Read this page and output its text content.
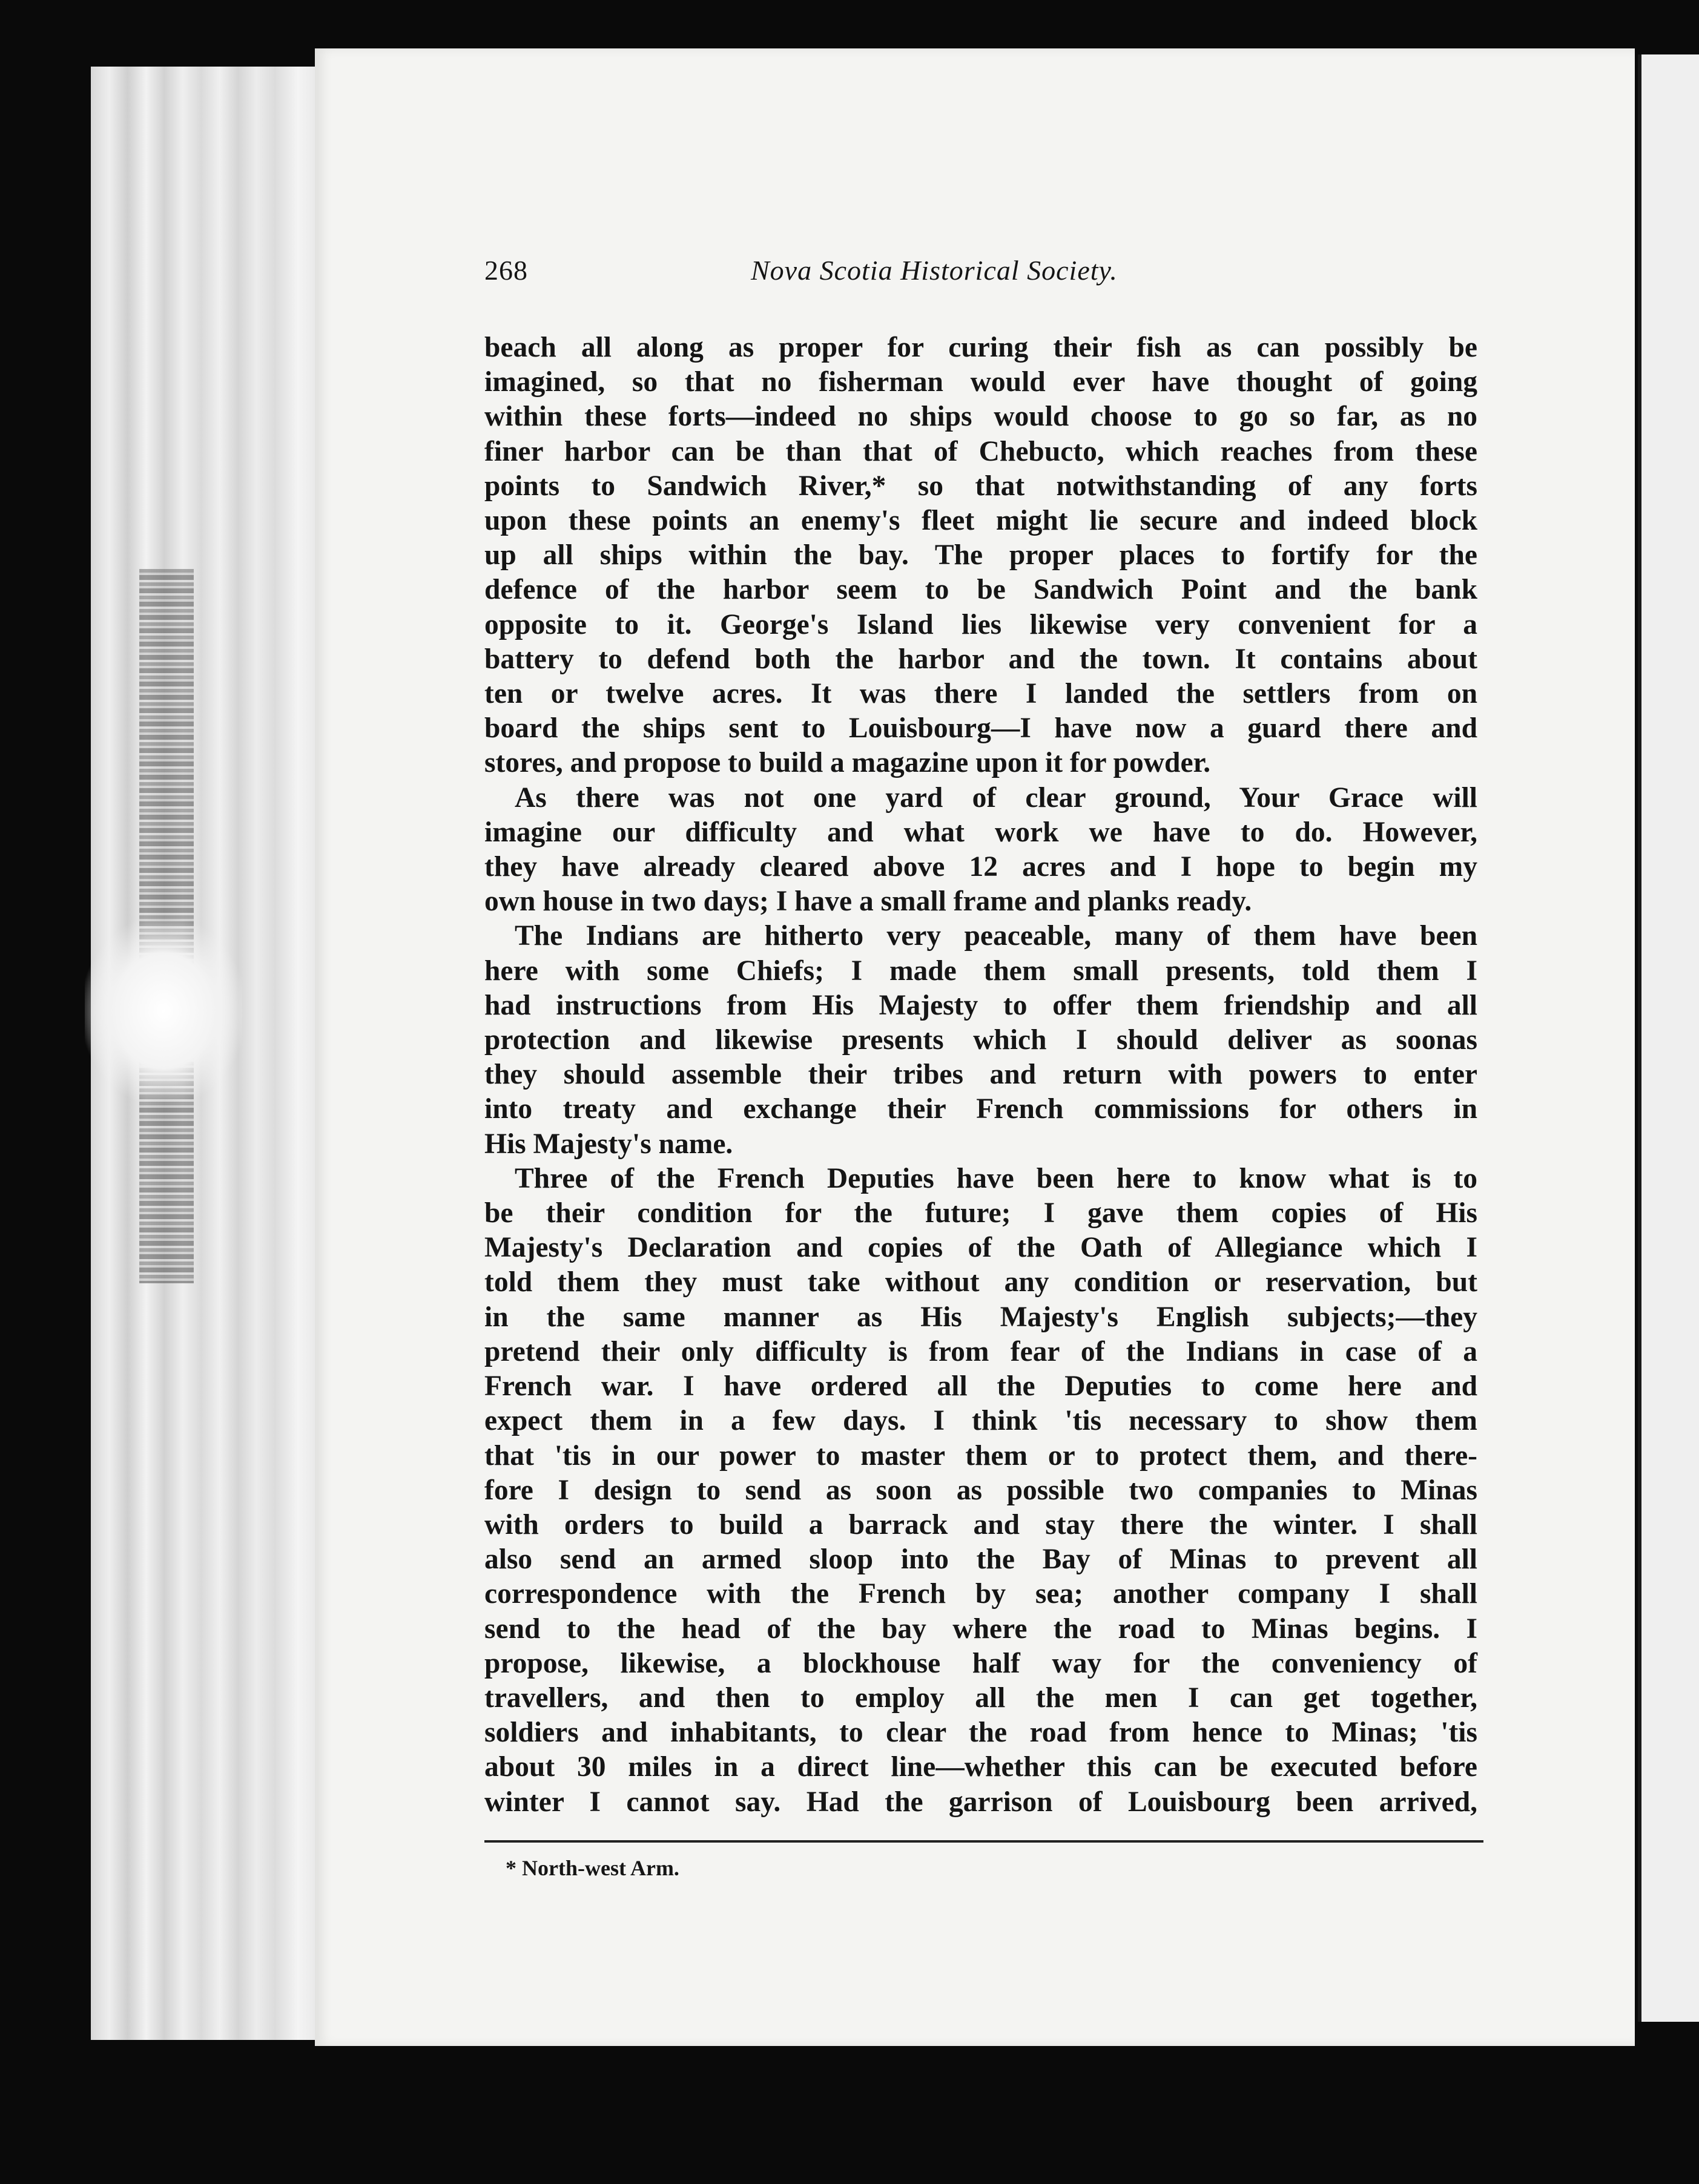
268	Nova Scotia Historical Society.
beach all along as proper for curing their fish as can possibly be
imagined, so that no fisherman would ever have thought of going
within these forts—indeed no ships would choose to go so far, as no
finer harbor can be than that of Chebucto, which reaches from these
points to Sandwich River,* so that notwithstanding of any forts
upon these points an enemy's fleet might lie secure and indeed block
up all ships within the bay. The proper places to fortify for the
defence of the harbor seem to be Sandwich Point and the bank
opposite to it. George's Island lies likewise very convenient for a
battery to defend both the harbor and the town. It contains about
ten or twelve acres. It was there I landed the settlers from on
board the ships sent to Louisbourg—I have now a guard there and
stores, and propose to build a magazine upon it for powder.
As there was not one yard of clear ground, Your Grace will
imagine our difficulty and what work we have to do. However,
they have already cleared above 12 acres and I hope to begin my
own house in two days; I have a small frame and planks ready.
The Indians are hitherto very peaceable, many of them have been
here with some Chiefs; I made them small presents, told them I
had instructions from His Majesty to offer them friendship and all
protection and likewise presents which I should deliver as soonas
they should assemble their tribes and return with powers to enter
into treaty and exchange their French commissions for others in
His Majesty's name.
Three of the French Deputies have been here to know what is to
be their condition for the future; I gave them copies of His
Majesty's Declaration and copies of the Oath of Allegiance which I
told them they must take without any condition or reservation, but
in the same manner as His Majesty's English subjects;—they
pretend their only difficulty is from fear of the Indians in case of a
French war. I have ordered all the Deputies to come here and
expect them in a few days. I think 'tis necessary to show them
that 'tis in our power to master them or to protect them, and there-
fore I design to send as soon as possible two companies to Minas
with orders to build a barrack and stay there the winter. I shall
also send an armed sloop into the Bay of Minas to prevent all
correspondence with the French by sea; another company I shall
send to the head of the bay where the road to Minas begins. I
propose, likewise, a blockhouse half way for the conveniency of
travellers, and then to employ all the men I can get together,
soldiers and inhabitants, to clear the road from hence to Minas; 'tis
about 30 miles in a direct line—whether this can be executed before
winter I cannot say. Had the garrison of Louisbourg been arrived,
* North-west Arm.
